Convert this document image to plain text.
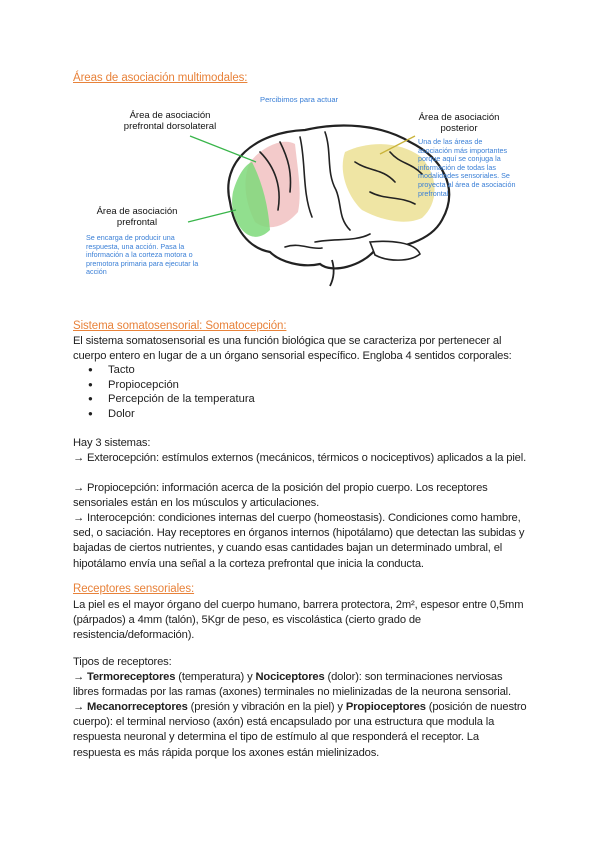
Áreas de asociación multimodales:
Percibimos para actuar
Área de asociación prefrontal dorsolateral
Área de asociación posterior
Una de las áreas de asociación más importantes porque aquí se conjuga la información de todas las modalidades sensoriales. Se proyecta al área de asociación prefrontal
Área de asociación prefrontal
Se encarga de producir una respuesta, una acción. Pasa la información a la corteza motora o premotora primaria para ejecutar la acción
Sistema somatosensorial: Somatocepción:
El sistema somatosensorial es una función biológica que se caracteriza por pertenecer al cuerpo entero en lugar de a un órgano sensorial específico. Engloba 4 sentidos corporales:
● Tacto
● Propiocepción
● Percepción de la temperatura
● Dolor
Hay 3 sistemas:
→ Exterocepción: estímulos externos (mecánicos, térmicos o nociceptivos) aplicados a la piel.
→ Propiocepción: información acerca de la posición del propio cuerpo. Los receptores sensoriales están en los músculos y articulaciones.
→ Interocepción: condiciones internas del cuerpo (homeostasis). Condiciones como hambre, sed, o saciación. Hay receptores en órganos internos (hipotálamo) que detectan las subidas y bajadas de ciertos nutrientes, y cuando esas cantidades bajan un determinado umbral, el hipotálamo envía una señal a la corteza prefrontal que inicia la conducta.
Receptores sensoriales:
La piel es el mayor órgano del cuerpo humano, barrera protectora, 2m², espesor entre 0,5mm (párpados) a 4mm (talón), 5Kgr de peso, es viscolástica (cierto grado de resistencia/deformación).
Tipos de receptores:
→ Termoreceptores (temperatura) y Nociceptores (dolor): son terminaciones nerviosas libres formadas por las ramas (axones) terminales no mielinizadas de la neurona sensorial.
→ Mecanorreceptores (presión y vibración en la piel) y Propioceptores (posición de nuestro cuerpo): el terminal nervioso (axón) está encapsulado por una estructura que modula la respuesta neuronal y determina el tipo de estímulo al que responderá el receptor. La respuesta es más rápida porque los axones están mielinizados.
